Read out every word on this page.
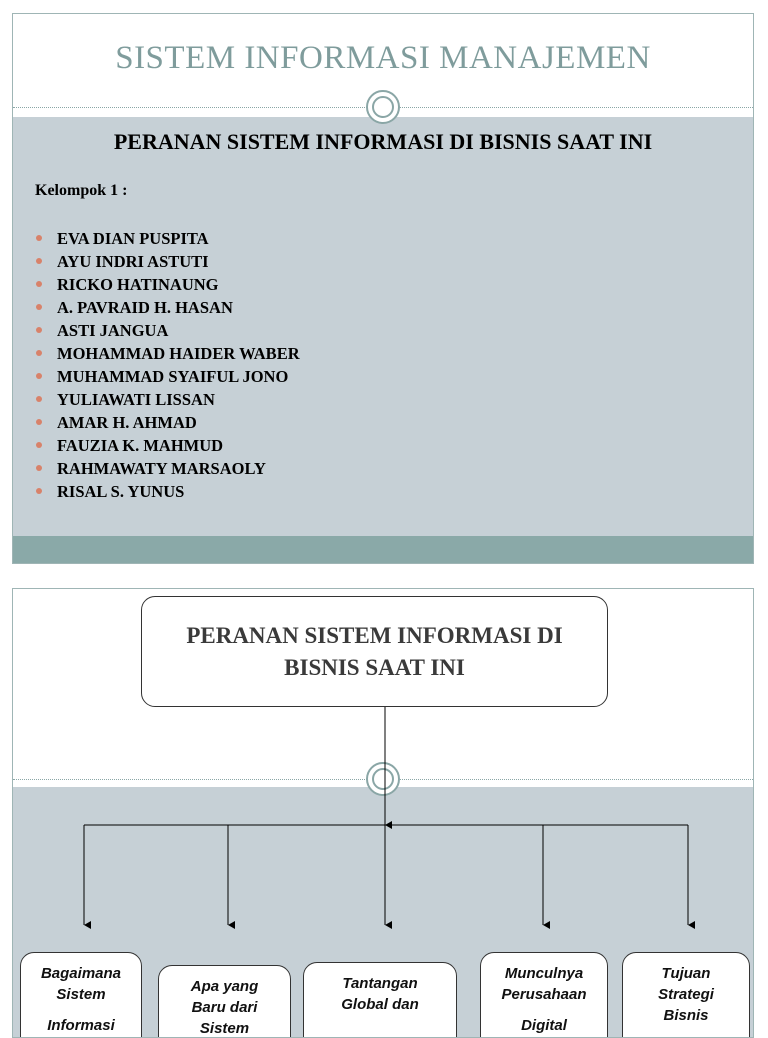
SISTEM INFORMASI MANAJEMEN
PERANAN SISTEM INFORMASI DI BISNIS SAAT INI
Kelompok 1 :
EVA DIAN PUSPITA
AYU INDRI ASTUTI
RICKO HATINAUNG
A. PAVRAID H. HASAN
ASTI JANGUA
MOHAMMAD HAIDER WABER
MUHAMMAD SYAIFUL JONO
YULIAWATI LISSAN
AMAR H. AHMAD
FAUZIA K. MAHMUD
RAHMAWATY MARSAOLY
RISAL S. YUNUS
PERANAN SISTEM INFORMASI DI BISNIS SAAT INI
Bagaimana
Sistem
Informasi
Apa yang
Baru dari
Sistem
Tantangan
Global dan
Munculnya
Perusahaan
Digital
Tujuan
Strategi
Bisnis
